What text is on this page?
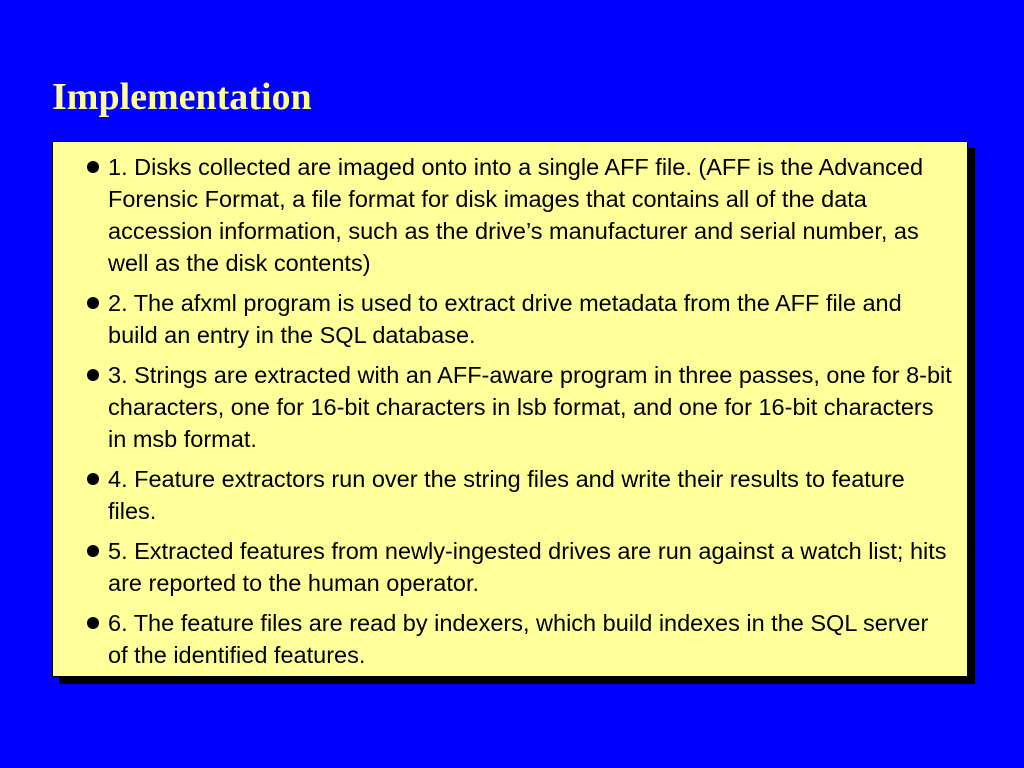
Implementation
1. Disks collected are imaged onto into a single AFF file. (AFF is the Advanced Forensic Format, a file format for disk images that contains all of the data accession information, such as the drive’s manufacturer and serial number, as well as the disk contents)
2. The afxml program is used to extract drive metadata from the AFF file and build an entry in the SQL database.
3. Strings are extracted with an AFF-aware program in three passes, one for 8-bit characters, one for 16-bit characters in lsb format, and one for 16-bit characters in msb format.
4. Feature extractors run over the string files and write their results to feature files.
5. Extracted features from newly-ingested drives are run against a watch list; hits are reported to the human operator.
6. The feature files are read by indexers, which build indexes in the SQL server of the identified features.
